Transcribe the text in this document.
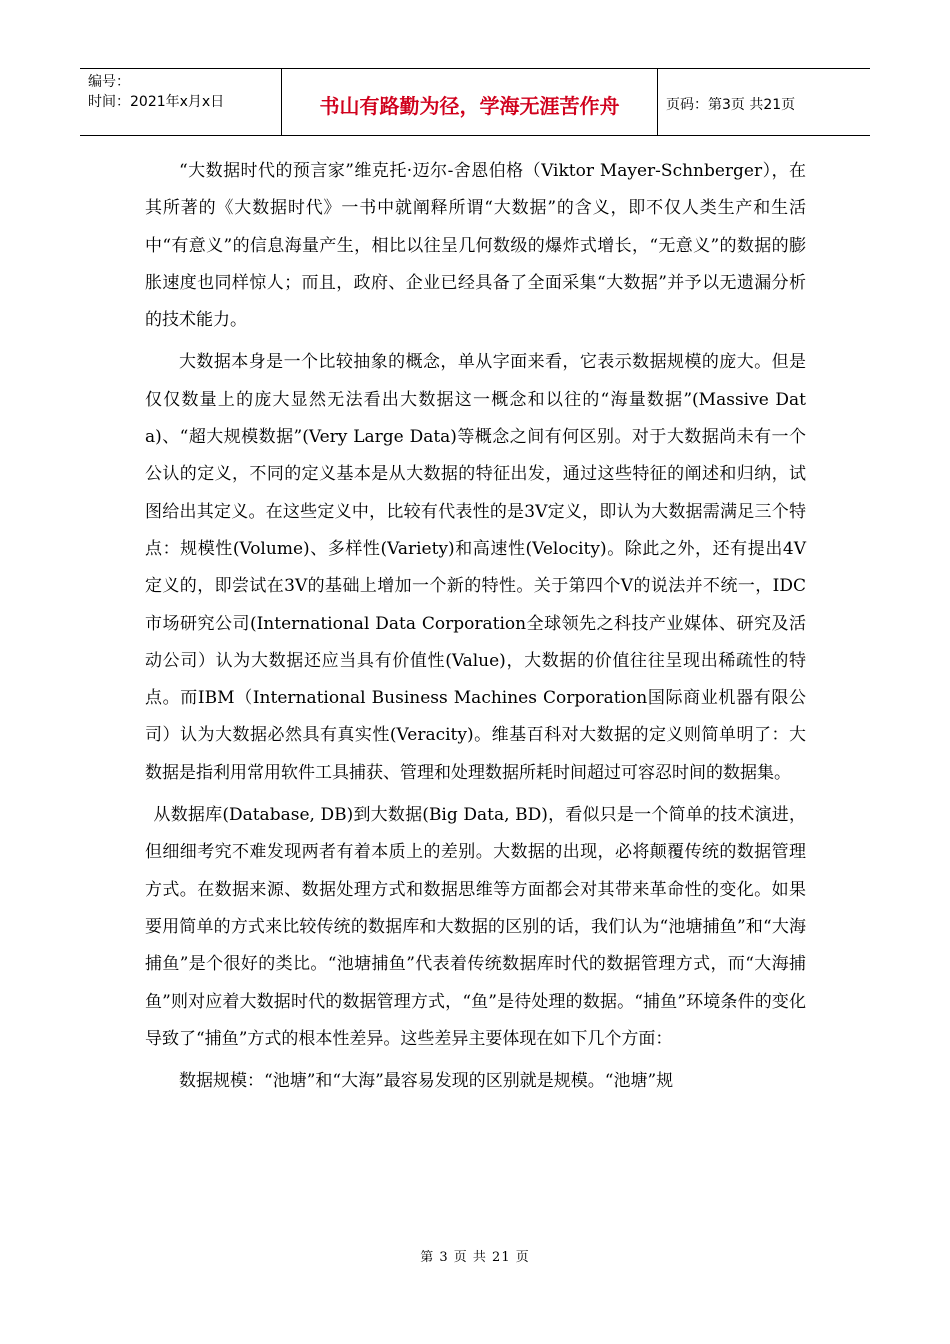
编号：
时间：2021年x月x日	书山有路勤为径，学海无涯苦作舟	页码：第3页 共21页

“大数据时代的预言家”维克托·迈尔-舍恩伯格（Viktor Mayer-Schnberger），在其所著的《大数据时代》一书中就阐释所谓“大数据”的含义，即不仅人类生产和生活中“有意义”的信息海量产生，相比以往呈几何数级的爆炸式增长，“无意义”的数据的膨胀速度也同样惊人；而且，政府、企业已经具备了全面采集“大数据”并予以无遗漏分析的技术能力。

大数据本身是一个比较抽象的概念，单从字面来看，它表示数据规模的庞大。但是仅仅数量上的庞大显然无法看出大数据这一概念和以往的“海量数据”(Massive Data)、“超大规模数据”(Very Large Data)等概念之间有何区别。对于大数据尚未有一个公认的定义，不同的定义基本是从大数据的特征出发，通过这些特征的阐述和归纳，试图给出其定义。在这些定义中，比较有代表性的是3V定义，即认为大数据需满足三个特点：规模性(Volume)、多样性(Variety)和高速性(Velocity)。除此之外，还有提出4V定义的，即尝试在3V的基础上增加一个新的特性。关于第四个V的说法并不统一，IDC市场研究公司(International Data Corporation全球领先之科技产业媒体、研究及活动公司）认为大数据还应当具有价值性(Value)，大数据的价值往往呈现出稀疏性的特点。而IBM（International Business Machines Corporation国际商业机器有限公司）认为大数据必然具有真实性(Veracity)。维基百科对大数据的定义则简单明了：大数据是指利用常用软件工具捕获、管理和处理数据所耗时间超过可容忍时间的数据集。

从数据库(Database, DB)到大数据(Big Data, BD)，看似只是一个简单的技术演进，但细细考究不难发现两者有着本质上的差别。大数据的出现，必将颠覆传统的数据管理方式。在数据来源、数据处理方式和数据思维等方面都会对其带来革命性的变化。如果要用简单的方式来比较传统的数据库和大数据的区别的话，我们认为“池塘捕鱼”和“大海捕鱼”是个很好的类比。“池塘捕鱼”代表着传统数据库时代的数据管理方式，而“大海捕鱼”则对应着大数据时代的数据管理方式，“鱼”是待处理的数据。“捕鱼”环境条件的变化导致了“捕鱼”方式的根本性差异。这些差异主要体现在如下几个方面：

数据规模：“池塘”和“大海”最容易发现的区别就是规模。“池塘”规

第 3 页 共 21 页
